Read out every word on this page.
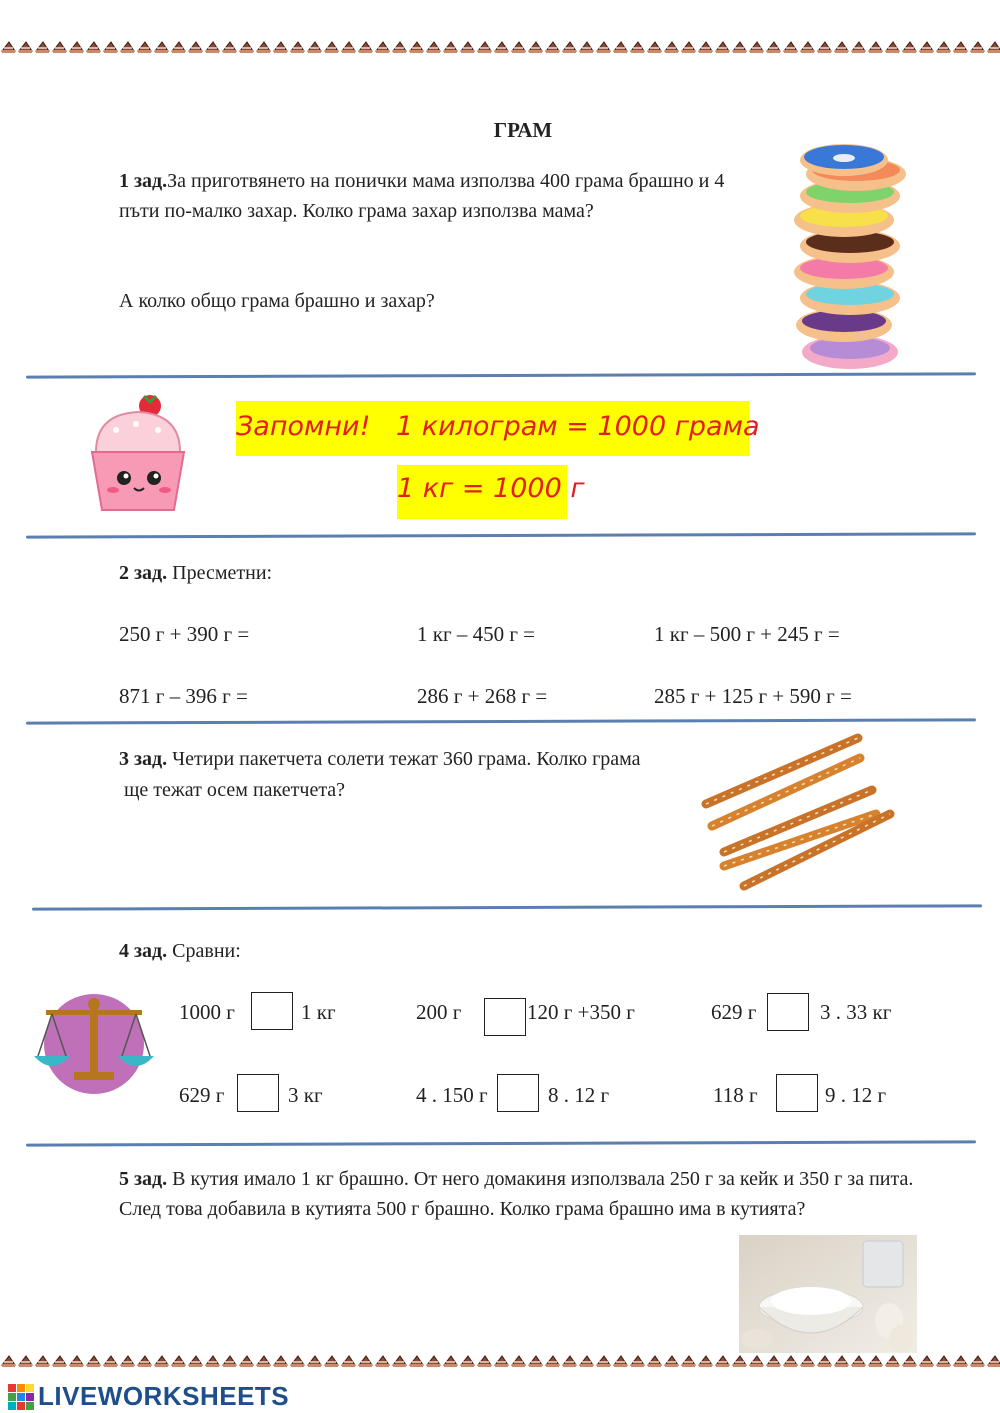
ГРАМ
1 зад.За приготвянето на понички мама използва 400 грама брашно и 4 пъти по-малко захар. Колко грама захар използва мама?
А колко общо грама брашно и захар?
Запомни! 1 килограм = 1000 грама
1 кг = 1000 г
2 зад. Пресметни:
250 г + 390 г =	1 кг – 450 г =	1 кг – 500 г + 245 г =
871 г – 396 г =	286 г + 268 г =	285 г + 125 г + 590 г =
3 зад. Четири пакетчета солети тежат 360 грама. Колко грама
ще тежат осем пакетчета?
4 зад. Сравни:
1000 г	1 кг	200 г	120 г +350 г	629 г	3 . 33 кг
629 г	3 кг	4 . 150 г	8 . 12 г	118 г	9 . 12 г
5 зад. В кутия имало 1 кг брашно. От него домакиня използвала 250 г за кейк и 350 г за пита. След това добавила в кутията 500 г брашно. Колко грама брашно има в кутията?
LIVEWORKSHEETS
